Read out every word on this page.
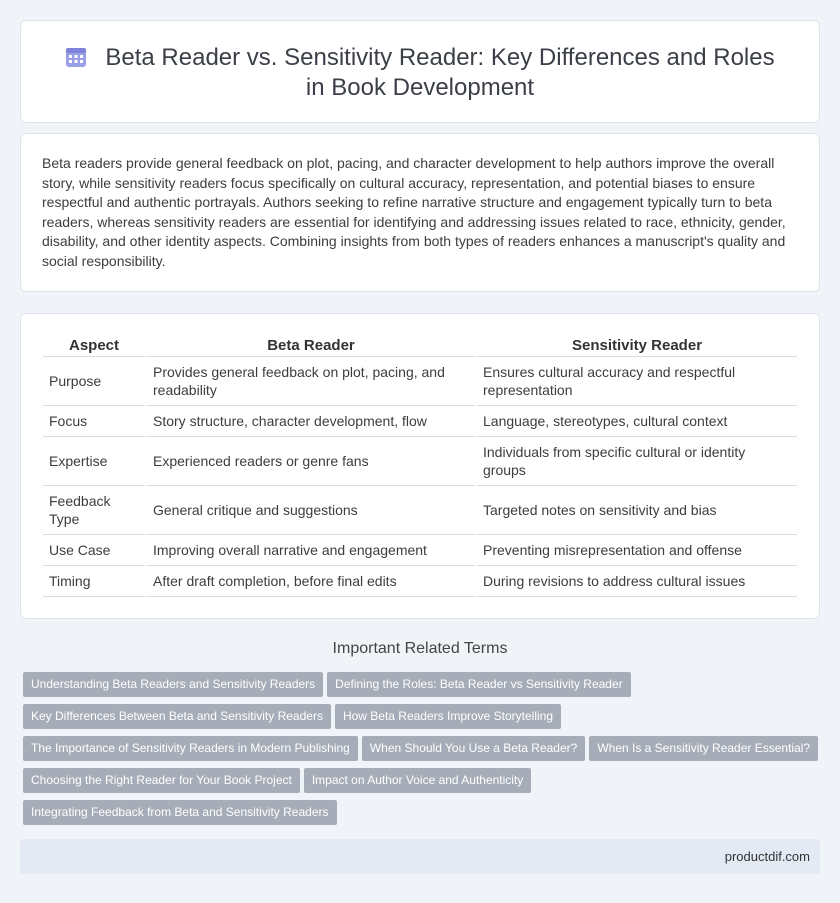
Beta Reader vs. Sensitivity Reader: Key Differences and Roles in Book Development

Beta readers provide general feedback on plot, pacing, and character development to help authors improve the overall story, while sensitivity readers focus specifically on cultural accuracy, representation, and potential biases to ensure respectful and authentic portrayals. Authors seeking to refine narrative structure and engagement typically turn to beta readers, whereas sensitivity readers are essential for identifying and addressing issues related to race, ethnicity, gender, disability, and other identity aspects. Combining insights from both types of readers enhances a manuscript's quality and social responsibility.

Aspect	Beta Reader	Sensitivity Reader
Purpose	Provides general feedback on plot, pacing, and readability	Ensures cultural accuracy and respectful representation
Focus	Story structure, character development, flow	Language, stereotypes, cultural context
Expertise	Experienced readers or genre fans	Individuals from specific cultural or identity groups
Feedback Type	General critique and suggestions	Targeted notes on sensitivity and bias
Use Case	Improving overall narrative and engagement	Preventing misrepresentation and offense
Timing	After draft completion, before final edits	During revisions to address cultural issues
Important Related Terms
Understanding Beta Readers and Sensitivity Readers Defining the Roles: Beta Reader vs Sensitivity Reader
Key Differences Between Beta and Sensitivity Readers How Beta Readers Improve Storytelling
The Importance of Sensitivity Readers in Modern Publishing When Should You Use a Beta Reader? When Is a Sensitivity Reader Essential?
Choosing the Right Reader for Your Book Project Impact on Author Voice and Authenticity
Integrating Feedback from Beta and Sensitivity Readers
productdif.com
